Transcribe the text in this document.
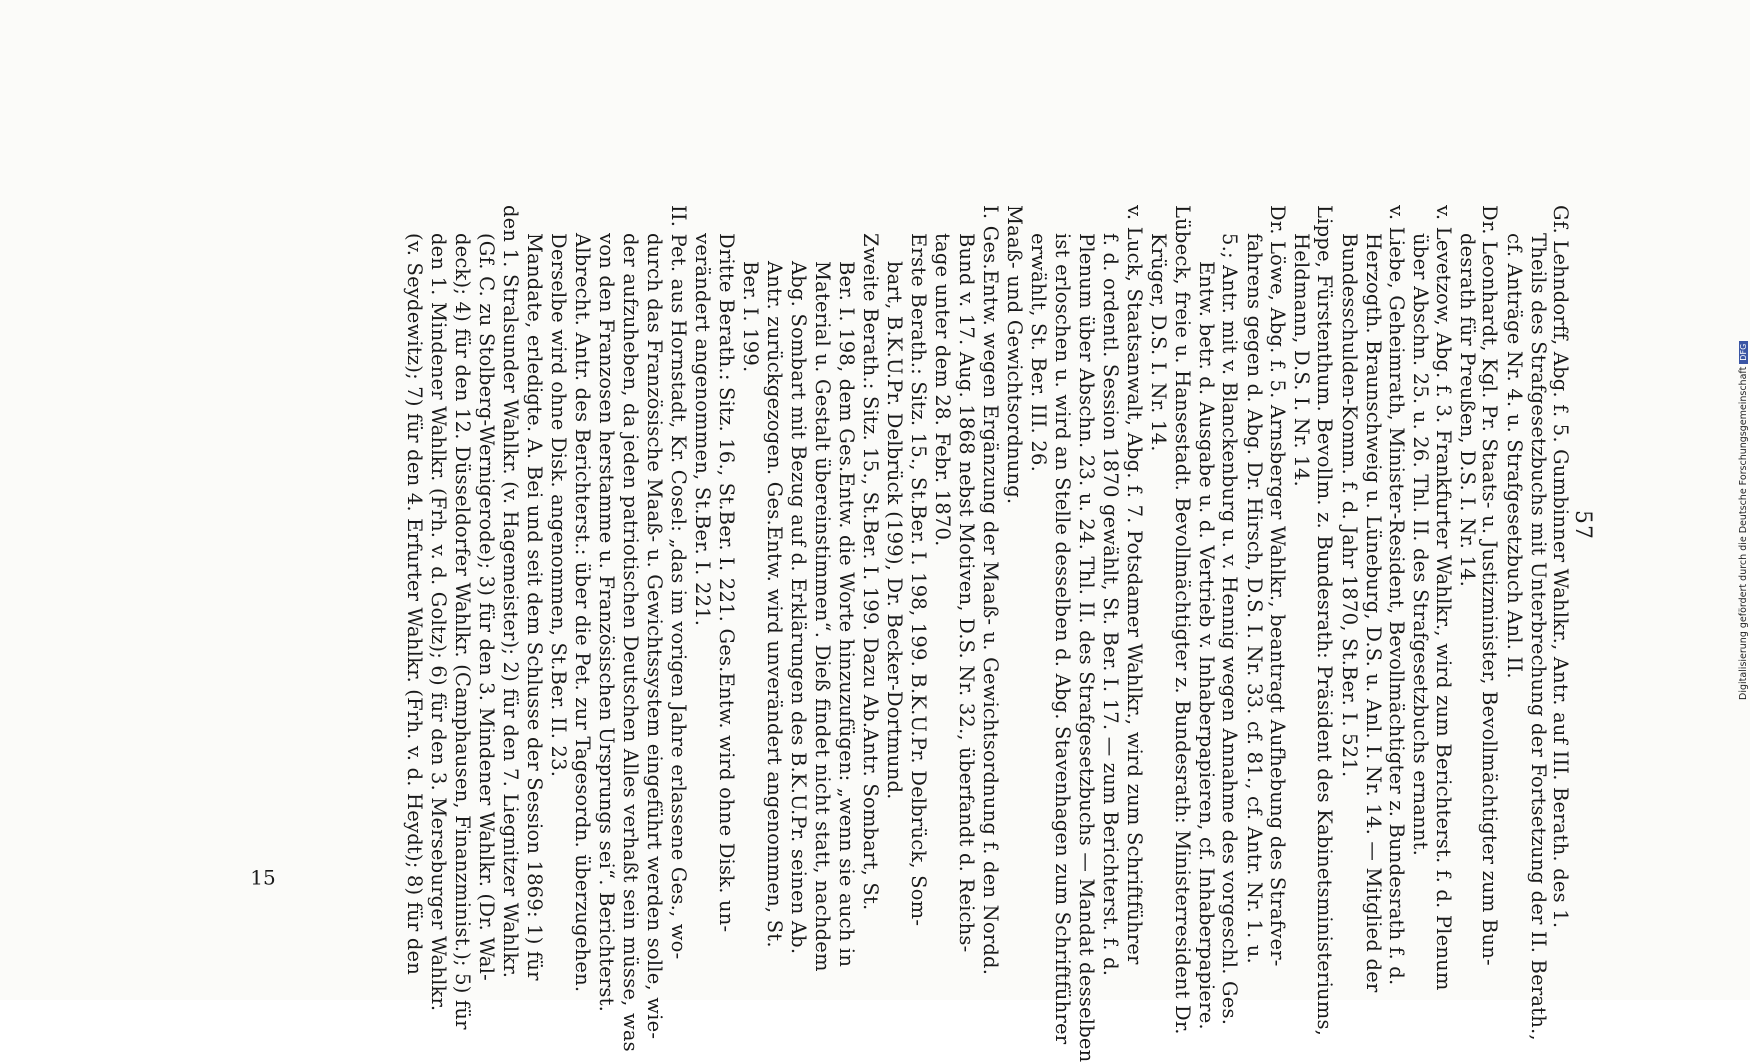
57
Gf. Lehndorff, Abg. f. 5. Gumbinner Wahlkr., Antr. auf III. Berath. des 1.
Theils des Strafgesetzbuchs mit Unterbrechung der Fortsetzung der II. Berath.,
cf. Anträge Nr. 4. u. Strafgesetzbuch Anl. II.
Dr. Leonhardt, Kgl. Pr. Staats- u. Justizminister, Bevollmächtigter zum Bun-
desrath für Preußen, D.S. I. Nr. 14.
v. Levetzow, Abg. f. 3. Frankfurter Wahlkr., wird zum Berichterst. f. d. Plenum
über Abschn. 25. u. 26. Thl. II. des Strafgesetzbuchs ernannt.
v. Liebe, Geheimrath, Minister-Resident, Bevollmächtigter z. Bundesrath f. d.
Herzogth. Braunschweig u. Lüneburg, D.S. u. Anl. I. Nr. 14. — Mitglied der
Bundesschulden-Komm. f. d. Jahr 1870, St.Ber. I. 521.
Lippe, Fürstenthum. Bevollm. z. Bundesrath: Präsident des Kabinetsministeriums,
Heldmann, D.S. I. Nr. 14.
Dr. Löwe, Abg. f. 5. Arnsberger Wahlkr., beantragt Aufhebung des Strafver-
fahrens gegen d. Abg. Dr. Hirsch, D.S. I. Nr. 33. cf. 81., cf. Antr. Nr. 1. u.
5.; Antr. mit v. Blanckenburg u. v. Hennig wegen Annahme des vorgeschl. Ges.
Entw. betr. d. Ausgabe u. d. Vertrieb v. Inhaberpapieren, cf. Inhaberpapiere.
Lübeck, freie u. Hansestadt. Bevollmächtigter z. Bundesrath: Ministerresident Dr.
Krüger, D.S. I. Nr. 14.
v. Luck, Staatsanwalt, Abg. f. 7. Potsdamer Wahlkr., wird zum Schriftführer
f. d. ordentl. Session 1870 gewählt, St. Ber. I. 17. — zum Berichterst. f. d.
Plenum über Abschn. 23. u. 24. Thl. II. des Strafgesetzbuchs — Mandat desselben
ist erloschen u. wird an Stelle desselben d. Abg. Stavenhagen zum Schriftführer
erwählt, St. Ber. III. 26.
Maaß- und Gewichtsordnung.
I. Ges.Entw. wegen Ergänzung der Maaß- u. Gewichtsordnung f. den Nordd.
Bund v. 17. Aug. 1868 nebst Motiven, D.S. Nr. 32., überfandt d. Reichs-
tage unter dem 28. Febr. 1870.
Erste Berath.: Sitz. 15., St.Ber. I. 198, 199. B.K.U.Pr. Delbrück, Som-
bart, B.K.U.Pr. Delbrück (199), Dr. Becker-Dortmund.
Zweite Berath.: Sitz. 15., St.Ber. I. 199. Dazu Ab.Antr. Sombart, St.
Ber. I. 198, dem Ges.Entw. die Worte hinzuzufügen: „wenn sie auch in
Material u. Gestalt übereinstimmen“. Dieß findet nicht statt, nachdem
Abg. Sombart mit Bezug auf d. Erklärungen des B.K.U.Pr. seinen Ab.
Antr. zurückgezogen. Ges.Entw. wird unverändert angenommen, St.
Ber. I. 199.
Dritte Berath.: Sitz. 16., St.Ber. I. 221. Ges.Entw. wird ohne Disk. un-
verändert angenommen, St.Ber. I. 221.
II. Pet. aus Hornstadt, Kr. Cosel: „das im vorigen Jahre erlassene Ges., wo-
durch das Französische Maaß- u. Gewichtssystem eingeführt werden solle, wie-
der aufzuheben, da jeden patriotischen Deutschen Alles verhaßt sein müsse, was
von den Franzosen herstamme u. Französischen Ursprungs sei“. Berichterst.
Albrecht. Antr. des Berichterst.: über die Pet. zur Tagesordn. überzugehen.
Derselbe wird ohne Disk. angenommen, St.Ber. II. 23.
Mandate, erledigte. A. Bei und seit dem Schlusse der Session 1869: 1) für
den 1. Stralsunder Wahlkr. (v. Hagemeister); 2) für den 7. Liegnitzer Wahlkr.
(Gf. C. zu Stolberg-Wernigerode); 3) für den 3. Mindener Wahlkr. (Dr. Wal-
deck); 4) für den 12. Düsseldorfer Wahlkr. (Camphausen, Finanzminist.); 5) für
den 1. Mindener Wahlkr. (Frh. v. d. Goltz); 6) für den 3. Merseburger Wahlkr.
(v. Seydewitz); 7) für den 4. Erfurter Wahlkr. (Frh. v. d. Heydt); 8) für den
15
Digitalisierung gefördert durch die Deutsche ForschungsgemeinschaftDFG
